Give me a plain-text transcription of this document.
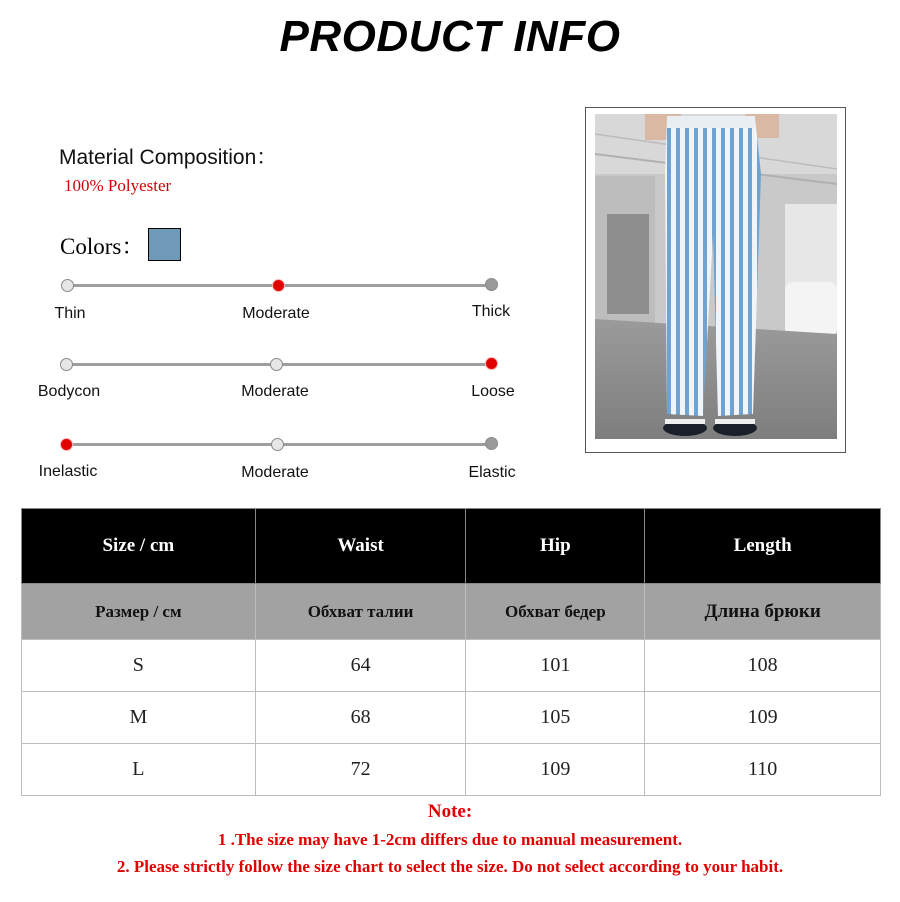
PRODUCT INFO
Material Composition：
100% Polyester
Colors：
Thin	Moderate	Thick
Bodycon	Moderate	Loose
Inelastic	Moderate	Elastic
Size / cm	Waist	Hip	Length
Размер / см	Обхват талии	Обхват бедер	Длина брюки
S	64	101	108
M	68	105	109
L	72	109	110
Note:
1 .The size may have 1-2cm differs due to manual measurement.
2. Please strictly follow the size chart to select the size. Do not select according to your habit.
